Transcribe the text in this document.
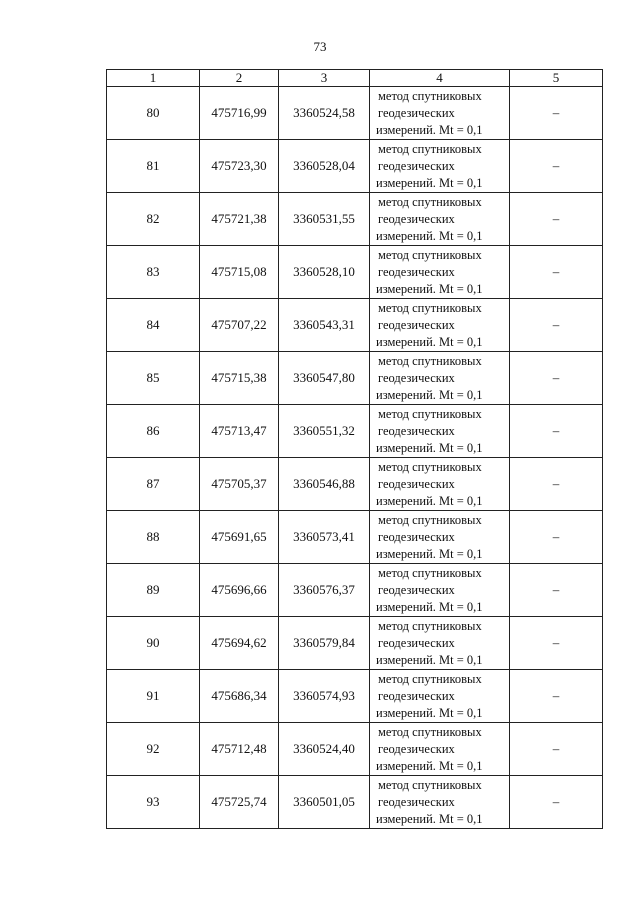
73
1	2	3	4	5
80	475716,99	3360524,58	метод спутниковых
геодезических
измерений. Mt = 0,1	–
81	475723,30	3360528,04	метод спутниковых
геодезических
измерений. Mt = 0,1	–
82	475721,38	3360531,55	метод спутниковых
геодезических
измерений. Mt = 0,1	–
83	475715,08	3360528,10	метод спутниковых
геодезических
измерений. Mt = 0,1	–
84	475707,22	3360543,31	метод спутниковых
геодезических
измерений. Mt = 0,1	–
85	475715,38	3360547,80	метод спутниковых
геодезических
измерений. Mt = 0,1	–
86	475713,47	3360551,32	метод спутниковых
геодезических
измерений. Mt = 0,1	–
87	475705,37	3360546,88	метод спутниковых
геодезических
измерений. Mt = 0,1	–
88	475691,65	3360573,41	метод спутниковых
геодезических
измерений. Mt = 0,1	–
89	475696,66	3360576,37	метод спутниковых
геодезических
измерений. Mt = 0,1	–
90	475694,62	3360579,84	метод спутниковых
геодезических
измерений. Mt = 0,1	–
91	475686,34	3360574,93	метод спутниковых
геодезических
измерений. Mt = 0,1	–
92	475712,48	3360524,40	метод спутниковых
геодезических
измерений. Mt = 0,1	–
93	475725,74	3360501,05	метод спутниковых
геодезических
измерений. Mt = 0,1	–
